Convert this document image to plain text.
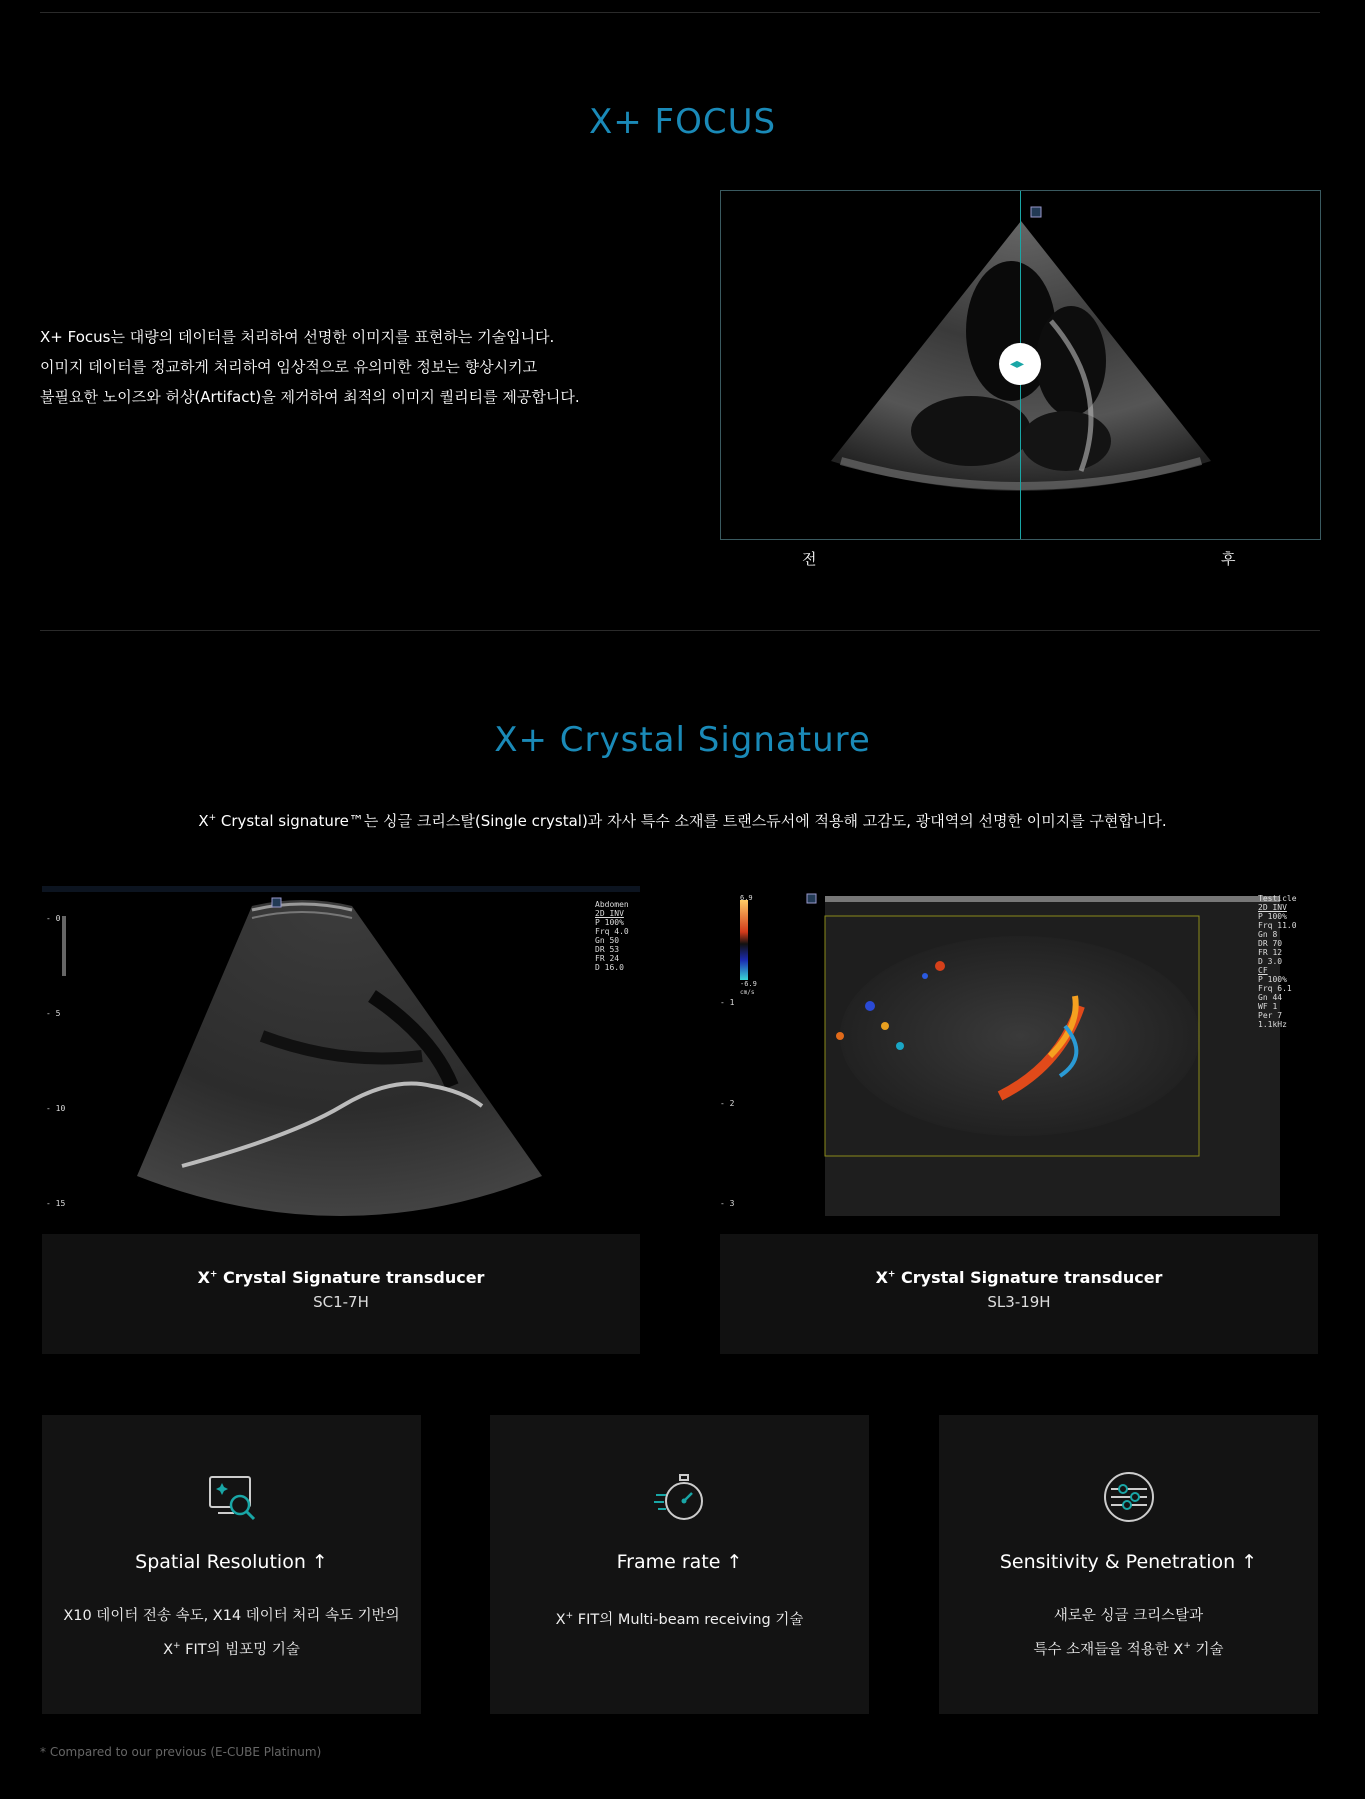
X+ FOCUS

X+ Focus는 대량의 데이터를 처리하여 선명한 이미지를 표현하는 기술입니다.

이미지 데이터를 정교하게 처리하여 임상적으로 유의미한 정보는 향상시키고

불필요한 노이즈와 허상(Artifact)을 제거하여 최적의 이미지 퀄리티를 제공합니다.

◂▸
전	후
X+ Crystal Signature
X+ Crystal signature™는 싱글 크리스탈(Single crystal)과 자사 특수 소재를 트랜스듀서에 적용해 고감도, 광대역의 선명한 이미지를 구현합니다.
Abdomen
2D INV
P 100%
Frq 4.0
Gn 50
DR 53
FR 24
D 16.0
- 0
- 5
- 10
- 15
X+ Crystal Signature transducer
SC1-7H
6.9
-6.9
cm/s
Testicle
2D INV
P 100%
Frq 11.0
Gn 8
DR 70
FR 12
D 3.0
CF
P 100%
Frq 6.1
Gn 44
WF 1
Per 7
1.1kHz
- 1
- 2
- 3
X+ Crystal Signature transducer
SL3-19H
Spatial Resolution ↑
X10 데이터 전송 속도, X14 데이터 처리 속도 기반의
X+ FIT의 빔포밍 기술
Frame rate ↑
X+ FIT의 Multi-beam receiving 기술
Sensitivity & Penetration ↑
새로운 싱글 크리스탈과
특수 소재들을 적용한 X+ 기술
* Compared to our previous (E-CUBE Platinum)
